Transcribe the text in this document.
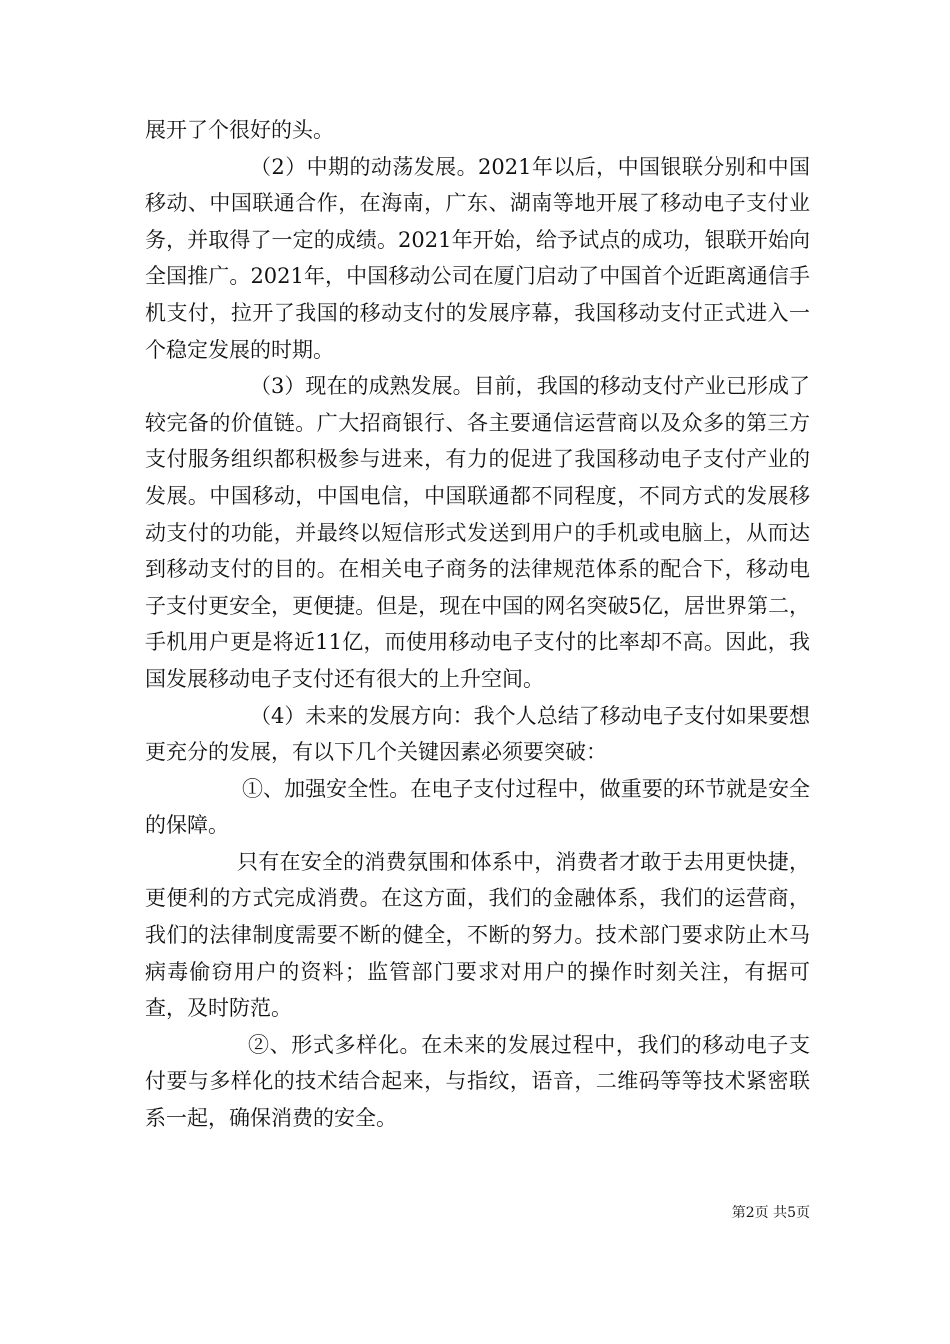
展开了个很好的头。

（2）中期的动荡发展。2021年以后，中国银联分别和中国移动、中国联通合作，在海南，广东、湖南等地开展了移动电子支付业务，并取得了一定的成绩。2021年开始，给予试点的成功，银联开始向全国推广。2021年，中国移动公司在厦门启动了中国首个近距离通信手机支付，拉开了我国的移动支付的发展序幕，我国移动支付正式进入一个稳定发展的时期。

（3）现在的成熟发展。目前，我国的移动支付产业已形成了较完备的价值链。广大招商银行、各主要通信运营商以及众多的第三方支付服务组织都积极参与进来，有力的促进了我国移动电子支付产业的发展。中国移动，中国电信，中国联通都不同程度，不同方式的发展移动支付的功能，并最终以短信形式发送到用户的手机或电脑上，从而达到移动支付的目的。在相关电子商务的法律规范体系的配合下，移动电子支付更安全，更便捷。但是，现在中国的网名突破5亿，居世界第二，手机用户更是将近11亿，而使用移动电子支付的比率却不高。因此，我国发展移动电子支付还有很大的上升空间。

（4）未来的发展方向：我个人总结了移动电子支付如果要想更充分的发展，有以下几个关键因素必须要突破：

①、加强安全性。在电子支付过程中，做重要的环节就是安全的保障。

只有在安全的消费氛围和体系中，消费者才敢于去用更快捷，更便利的方式完成消费。在这方面，我们的金融体系，我们的运营商，我们的法律制度需要不断的健全，不断的努力。技术部门要求防止木马病毒偷窃用户的资料；监管部门要求对用户的操作时刻关注，有据可查，及时防范。

②、形式多样化。在未来的发展过程中，我们的移动电子支付要与多样化的技术结合起来，与指纹，语音，二维码等等技术紧密联系一起，确保消费的安全。

第2页 共5页
